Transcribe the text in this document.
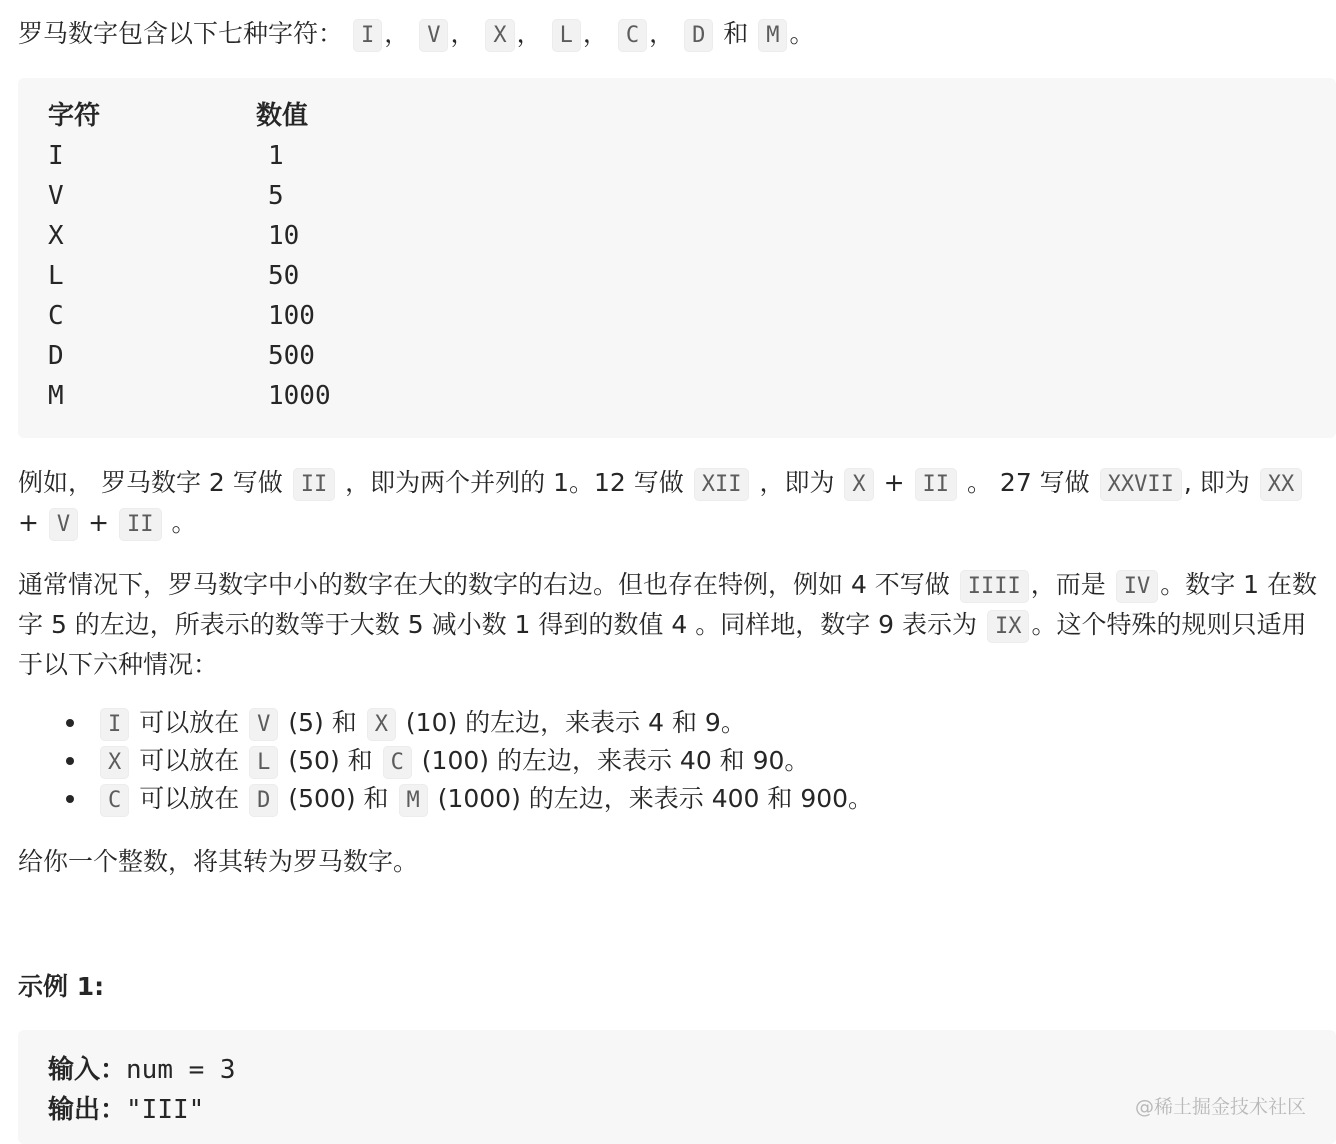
罗马数字包含以下七种字符： I ， V ， X ， L ， C ， D 和 M 。

字符	数值
I	1
V	5
X	10
L	50
C	100
D	500
M	1000

例如， 罗马数字 2 写做 II ，即为两个并列的 1。12 写做 XII ，即为 X + II 。 27 写做 XXVII , 即为 XX + V + II 。

通常情况下，罗马数字中小的数字在大的数字的右边。但也存在特例，例如 4 不写做 IIII ，而是 IV 。数字 1 在数字 5 的左边，所表示的数等于大数 5 减小数 1 得到的数值 4 。同样地，数字 9 表示为 IX 。这个特殊的规则只适用于以下六种情况：

I 可以放在 V (5) 和 X (10) 的左边，来表示 4 和 9。
X 可以放在 L (50) 和 C (100) 的左边，来表示 40 和 90。
C 可以放在 D (500) 和 M (1000) 的左边，来表示 400 和 900。

给你一个整数，将其转为罗马数字。

示例 1:
输入：num = 3
输出："III"	@稀土掘金技术社区
